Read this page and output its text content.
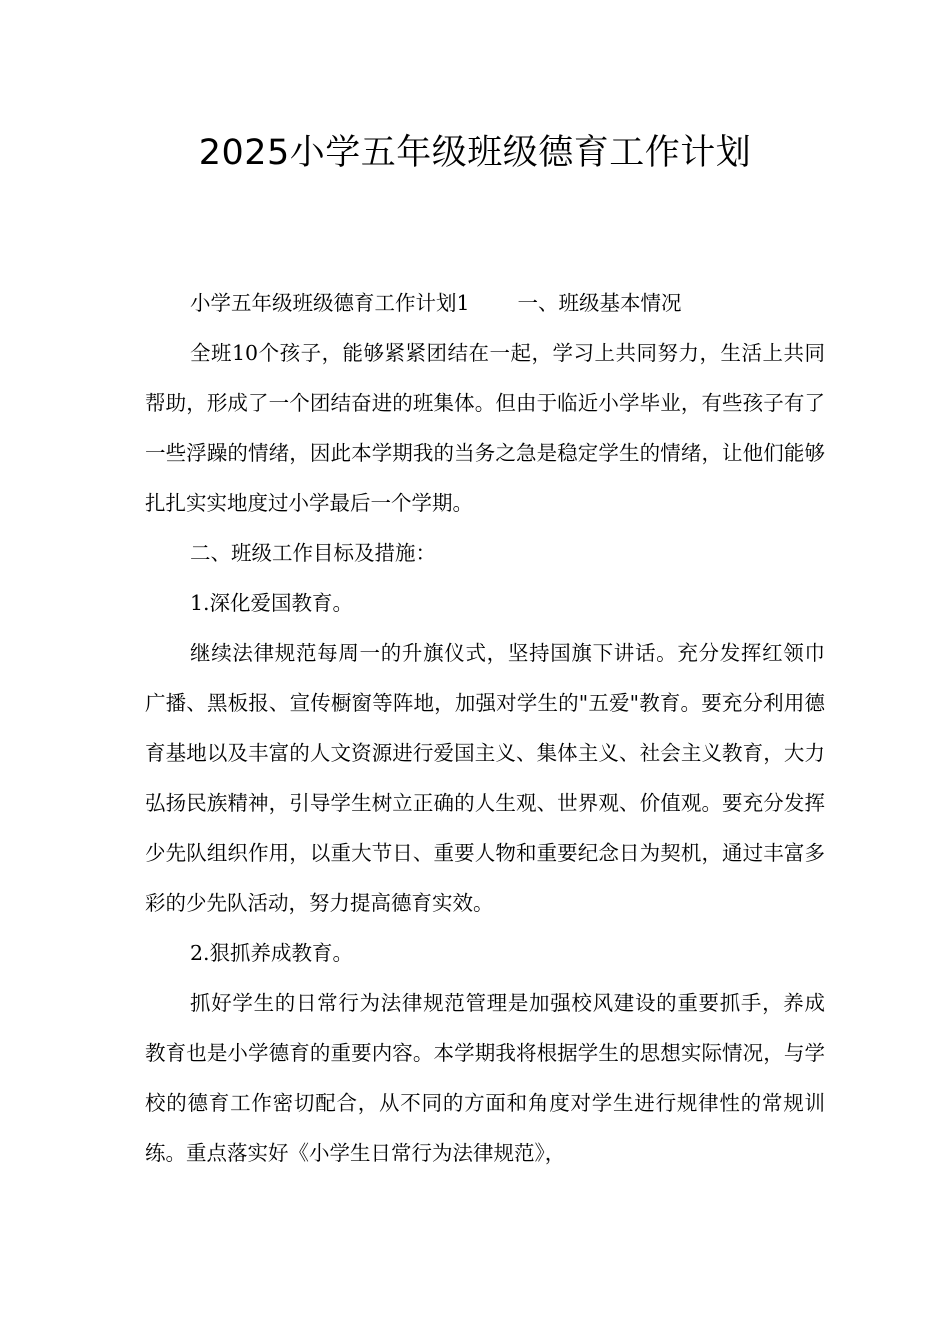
2025小学五年级班级德育工作计划

小学五年级班级德育工作计划1 一、班级基本情况

全班10个孩子，能够紧紧团结在一起，学习上共同努力，生活上共同帮助，形成了一个团结奋进的班集体。但由于临近小学毕业，有些孩子有了一些浮躁的情绪，因此本学期我的当务之急是稳定学生的情绪，让他们能够扎扎实实地度过小学最后一个学期。

二、班级工作目标及措施：

1.深化爱国教育。

继续法律规范每周一的升旗仪式，坚持国旗下讲话。充分发挥红领巾广播、黑板报、宣传橱窗等阵地，加强对学生的"五爱"教育。要充分利用德育基地以及丰富的人文资源进行爱国主义、集体主义、社会主义教育，大力弘扬民族精神，引导学生树立正确的人生观、世界观、价值观。要充分发挥少先队组织作用，以重大节日、重要人物和重要纪念日为契机，通过丰富多彩的少先队活动，努力提高德育实效。

2.狠抓养成教育。

抓好学生的日常行为法律规范管理是加强校风建设的重要抓手，养成教育也是小学德育的重要内容。本学期我将根据学生的思想实际情况，与学校的德育工作密切配合，从不同的方面和角度对学生进行规律性的常规训练。重点落实好《小学生日常行为法律规范》，
